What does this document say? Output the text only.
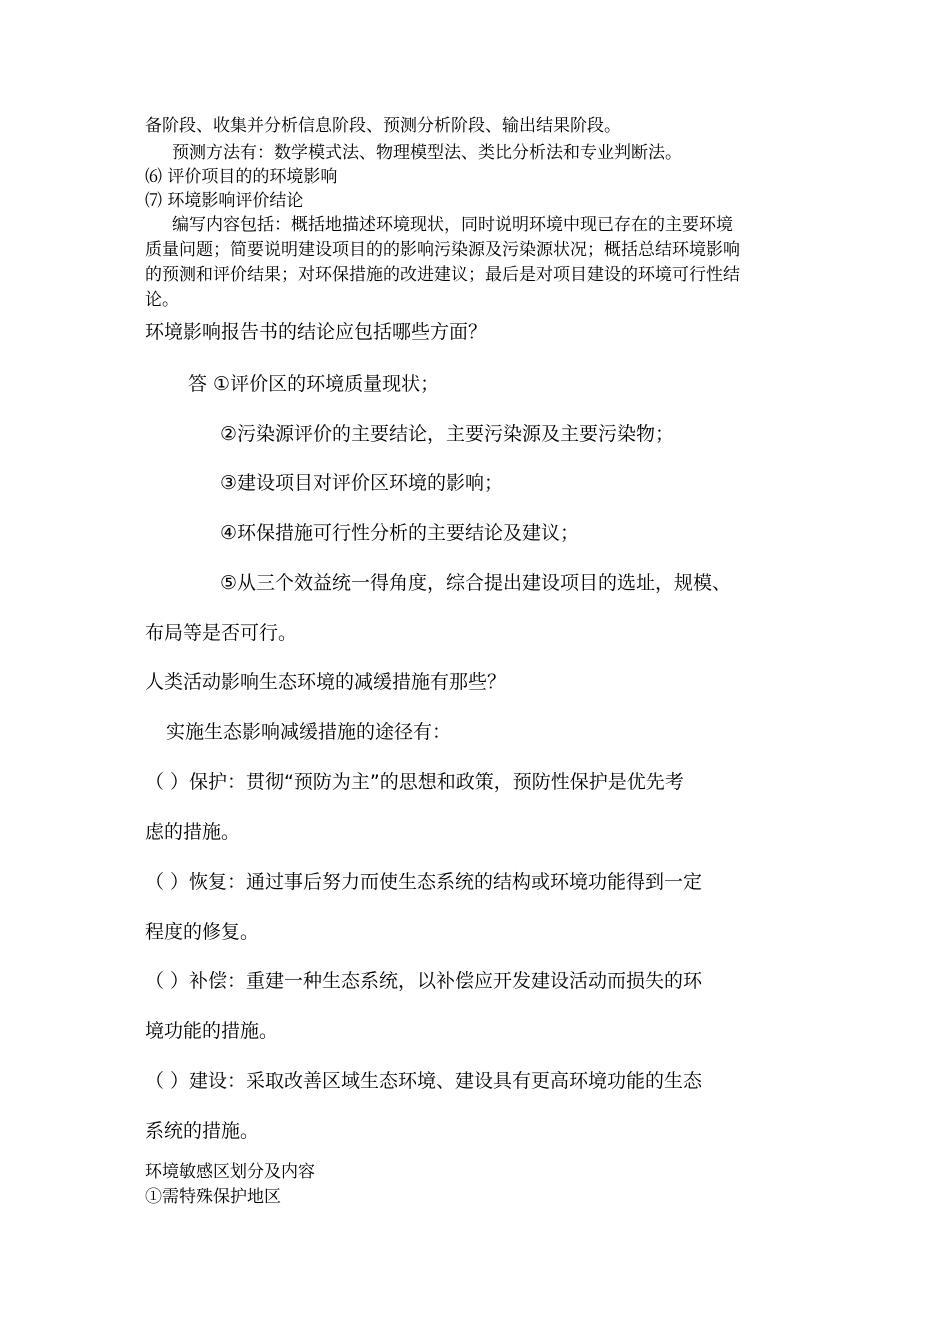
备阶段、收集并分析信息阶段、预测分析阶段、输出结果阶段。

预测方法有：数学模式法、物理模型法、类比分析法和专业判断法。

⑹ 评价项目的的环境影响

⑺ 环境影响评价结论

编写内容包括：概括地描述环境现状，同时说明环境中现已存在的主要环境

质量问题；简要说明建设项目的的影响污染源及污染源状况；概括总结环境影响

的预测和评价结果；对环保措施的改进建议；最后是对项目建设的环境可行性结

论。

环境影响报告书的结论应包括哪些方面？

答 ①评价区的环境质量现状；

②污染源评价的主要结论，主要污染源及主要污染物；

③建设项目对评价区环境的影响；

④环保措施可行性分析的主要结论及建议；

⑤从三个效益统一得角度，综合提出建设项目的选址，规模、

布局等是否可行。

人类活动影响生态环境的减缓措施有那些？

实施生态影响减缓措施的途径有：

（ ）保护：贯彻“预防为主”的思想和政策，预防性保护是优先考

虑的措施。

（ ）恢复：通过事后努力而使生态系统的结构或环境功能得到一定

程度的修复。

（ ）补偿：重建一种生态系统，以补偿应开发建设活动而损失的环

境功能的措施。

（ ）建设：采取改善区域生态环境、建设具有更高环境功能的生态

系统的措施。

环境敏感区划分及内容

①需特殊保护地区
